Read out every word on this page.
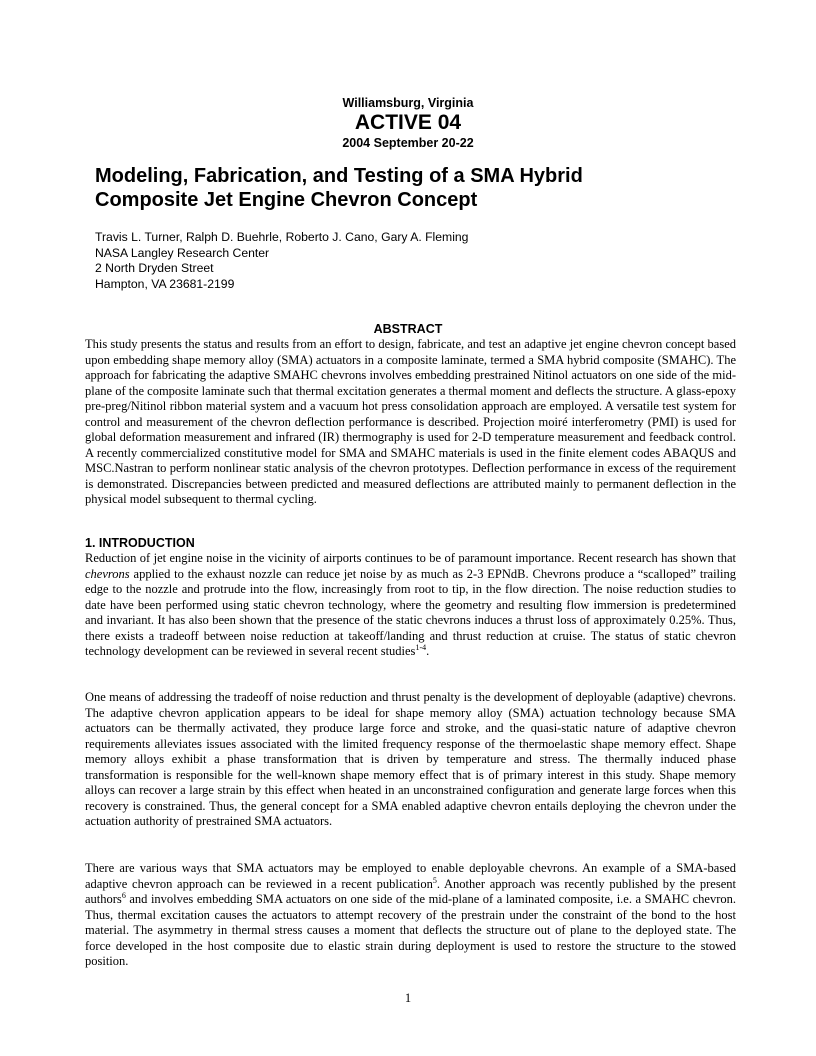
Williamsburg, Virginia
ACTIVE 04
2004 September 20-22
Modeling, Fabrication, and Testing of a SMA Hybrid
Composite Jet Engine Chevron Concept
Travis L. Turner, Ralph D. Buehrle, Roberto J. Cano, Gary A. Fleming
NASA Langley Research Center
2 North Dryden Street
Hampton, VA 23681-2199
ABSTRACT
This study presents the status and results from an effort to design, fabricate, and test an adaptive jet engine chevron concept based upon embedding shape memory alloy (SMA) actuators in a composite laminate, termed a SMA hybrid composite (SMAHC). The approach for fabricating the adaptive SMAHC chevrons involves embedding prestrained Nitinol actuators on one side of the mid-plane of the composite laminate such that thermal excitation generates a thermal moment and deflects the structure. A glass-epoxy pre-preg/Nitinol ribbon material system and a vacuum hot press consolidation approach are employed. A versatile test system for control and measurement of the chevron deflection performance is described. Projection moiré interferometry (PMI) is used for global deformation measurement and infrared (IR) thermography is used for 2-D temperature measurement and feedback control. A recently commercialized constitutive model for SMA and SMAHC materials is used in the finite element codes ABAQUS and MSC.Nastran to perform nonlinear static analysis of the chevron prototypes. Deflection performance in excess of the requirement is demonstrated. Discrepancies between predicted and measured deflections are attributed mainly to permanent deflection in the physical model subsequent to thermal cycling.
1. INTRODUCTION
Reduction of jet engine noise in the vicinity of airports continues to be of paramount importance. Recent research has shown that chevrons applied to the exhaust nozzle can reduce jet noise by as much as 2-3 EPNdB. Chevrons produce a “scalloped” trailing edge to the nozzle and protrude into the flow, increasingly from root to tip, in the flow direction. The noise reduction studies to date have been performed using static chevron technology, where the geometry and resulting flow immersion is predetermined and invariant. It has also been shown that the presence of the static chevrons induces a thrust loss of approximately 0.25%. Thus, there exists a tradeoff between noise reduction at takeoff/landing and thrust reduction at cruise. The status of static chevron technology development can be reviewed in several recent studies$^{1-4}$.
One means of addressing the tradeoff of noise reduction and thrust penalty is the development of deployable (adaptive) chevrons. The adaptive chevron application appears to be ideal for shape memory alloy (SMA) actuation technology because SMA actuators can be thermally activated, they produce large force and stroke, and the quasi-static nature of adaptive chevron requirements alleviates issues associated with the limited frequency response of the thermoelastic shape memory effect. Shape memory alloys exhibit a phase transformation that is driven by temperature and stress. The thermally induced phase transformation is responsible for the well-known shape memory effect that is of primary interest in this study. Shape memory alloys can recover a large strain by this effect when heated in an unconstrained configuration and generate large forces when this recovery is constrained. Thus, the general concept for a SMA enabled adaptive chevron entails deploying the chevron under the actuation authority of prestrained SMA actuators.
There are various ways that SMA actuators may be employed to enable deployable chevrons. An example of a SMA-based adaptive chevron approach can be reviewed in a recent publication$^5$. Another approach was recently published by the present authors$^6$ and involves embedding SMA actuators on one side of the mid-plane of a laminated composite, i.e. a SMAHC chevron. Thus, thermal excitation causes the actuators to attempt recovery of the prestrain under the constraint of the bond to the host material. The asymmetry in thermal stress causes a moment that deflects the structure out of plane to the deployed state. The force developed in the host composite due to elastic strain during deployment is used to restore the structure to the stowed position.
1
